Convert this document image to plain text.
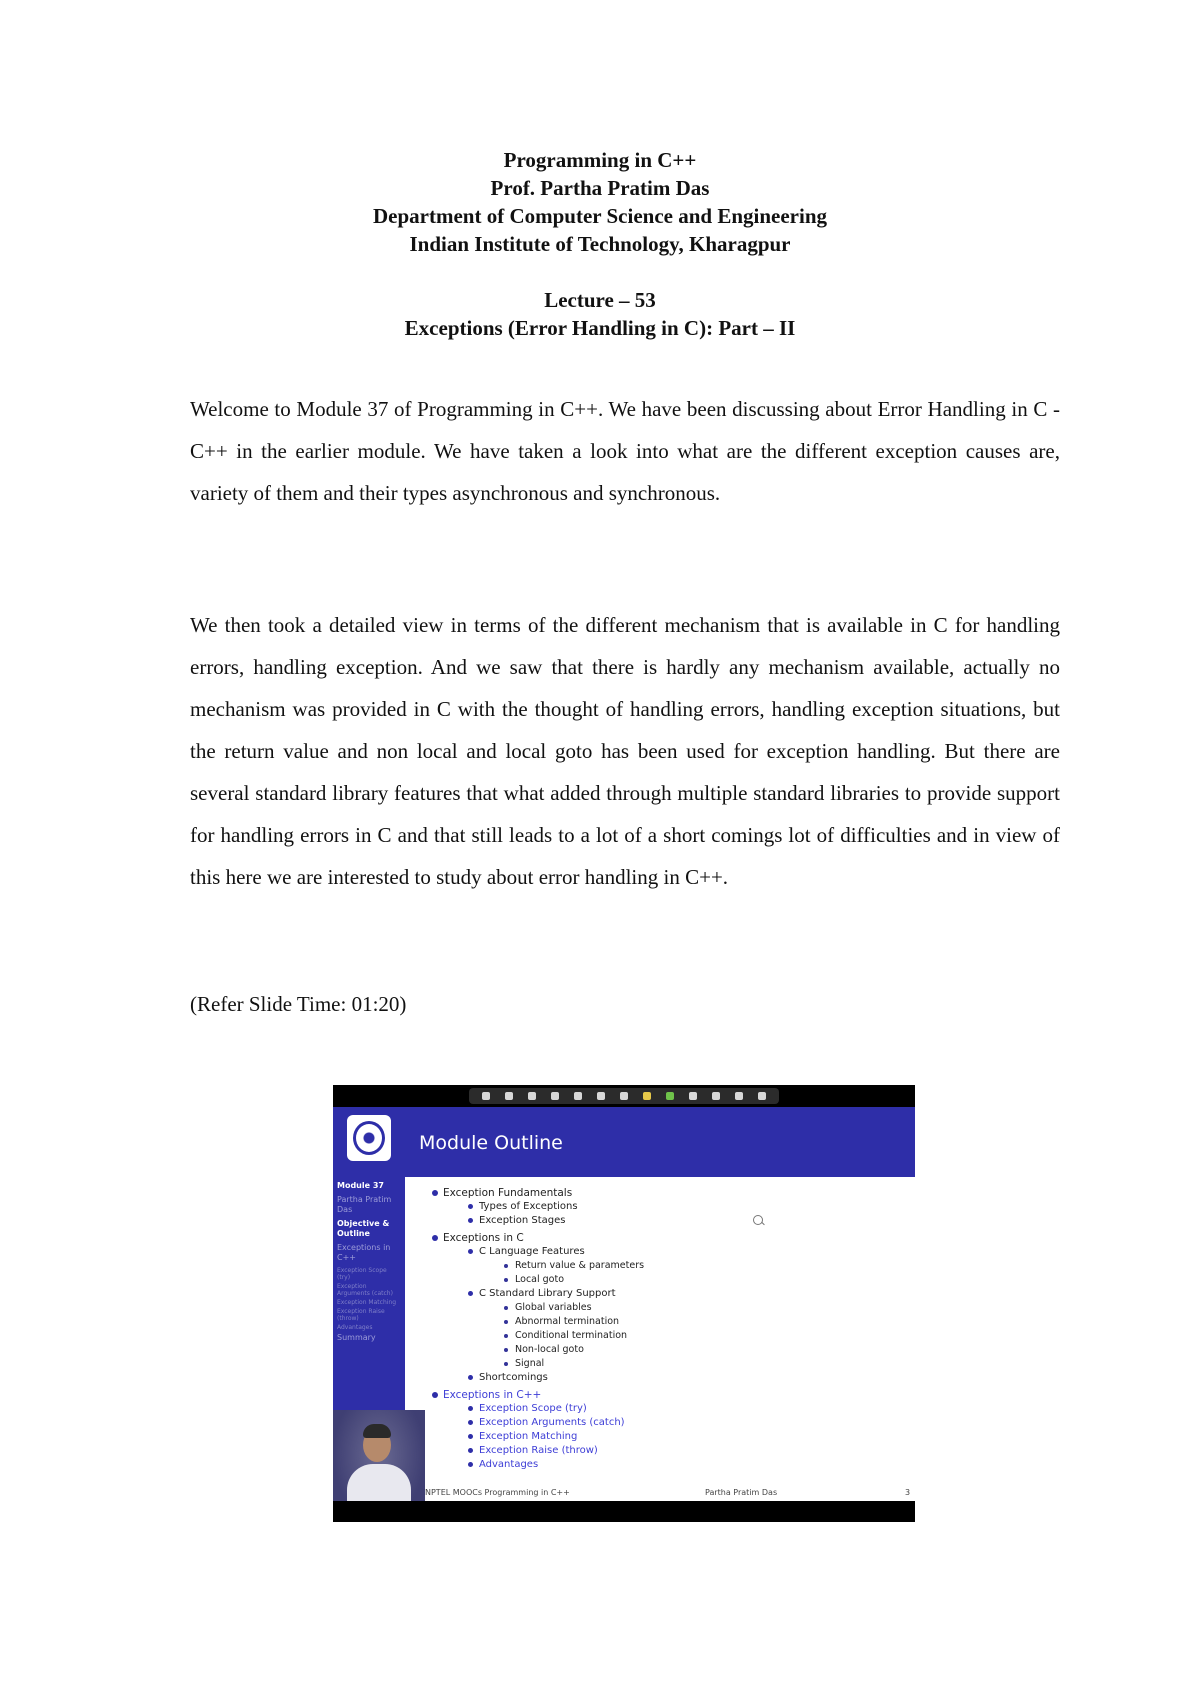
Programming in C++
Prof. Partha Pratim Das
Department of Computer Science and Engineering
Indian Institute of Technology, Kharagpur
Lecture – 53
Exceptions (Error Handling in C): Part – II

Welcome to Module 37 of Programming in C++. We have been discussing about Error Handling in C - C++ in the earlier module. We have taken a look into what are the different exception causes are, variety of them and their types asynchronous and synchronous.

We then took a detailed view in terms of the different mechanism that is available in C for handling errors, handling exception. And we saw that there is hardly any mechanism available, actually no mechanism was provided in C with the thought of handling errors, handling exception situations, but the return value and non local and local goto has been used for exception handling. But there are several standard library features that what added through multiple standard libraries to provide support for handling errors in C and that still leads to a lot of a short comings lot of difficulties and in view of this here we are interested to study about error handling in C++.

(Refer Slide Time: 01:20)
Module Outline
Module 37
Partha Pratim Das
Objective & Outline
Exceptions in C++
Exception Scope (try)
Exception Arguments (catch)
Exception Matching
Exception Raise (throw)
Advantages
Summary
Exception Fundamentals
Types of Exceptions
Exception Stages
Exceptions in C
C Language Features
Return value & parameters
Local goto
C Standard Library Support
Global variables
Abnormal termination
Conditional termination
Non-local goto
Signal
Shortcomings
Exceptions in C++
Exception Scope (try)
Exception Arguments (catch)
Exception Matching
Exception Raise (throw)
Advantages
NPTEL MOOCs Programming in C++	Partha Pratim Das	3
